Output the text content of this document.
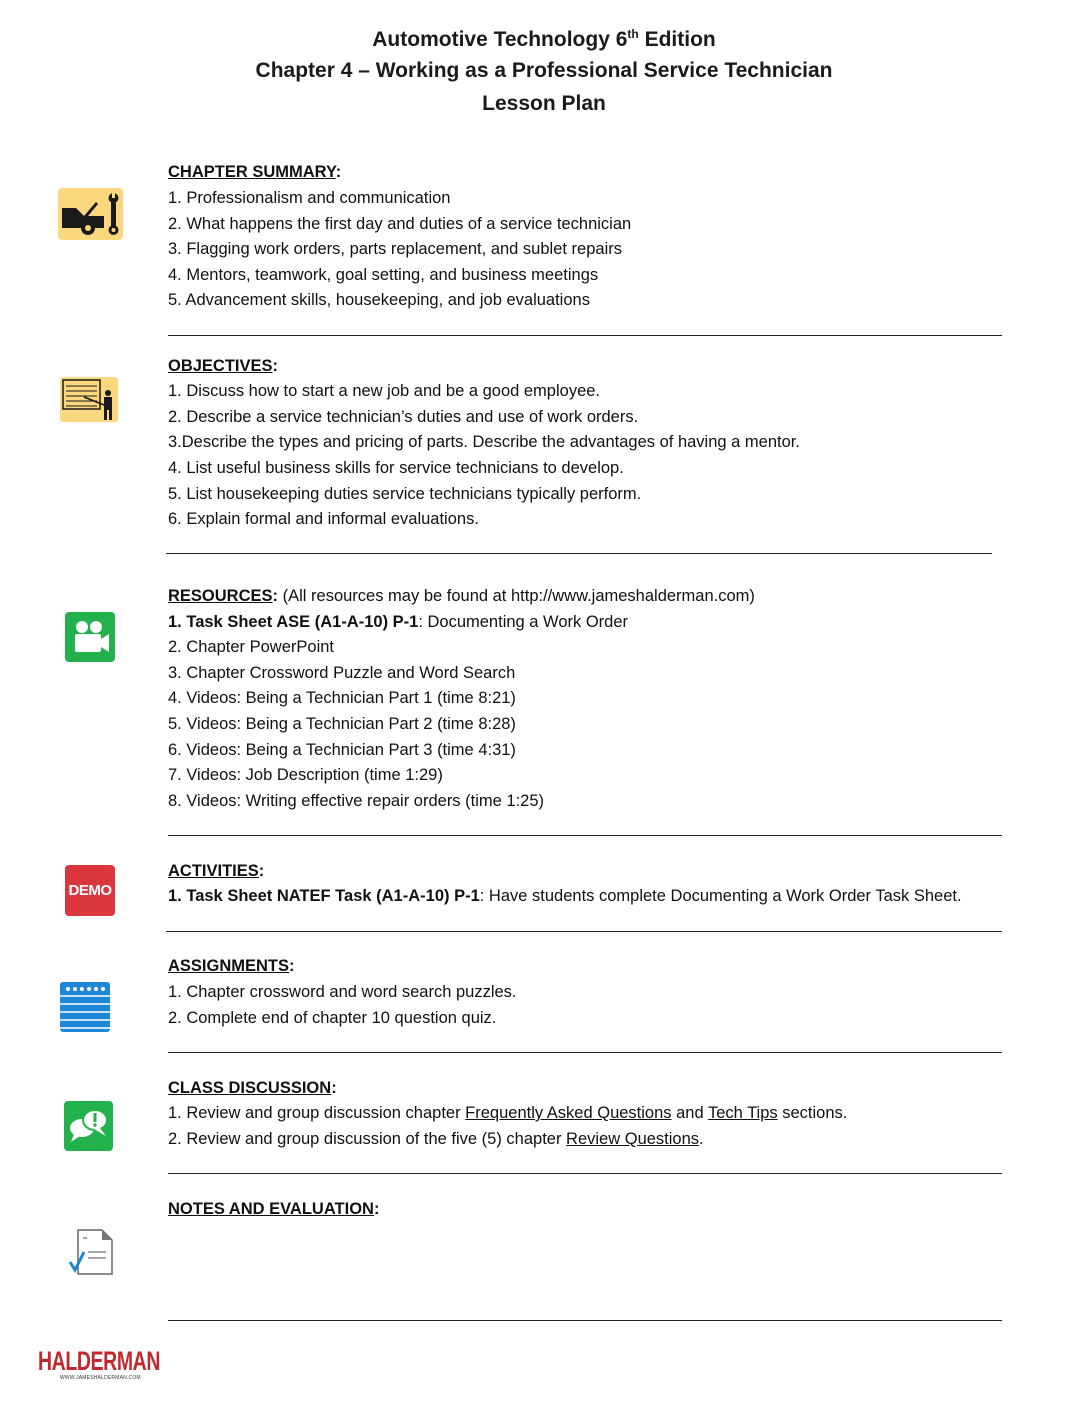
Automotive Technology 6th Edition
Chapter 4 – Working as a Professional Service Technician
Lesson Plan
DEMO
CHAPTER SUMMARY:
1. Professionalism and communication
2. What happens the first day and duties of a service technician
3. Flagging work orders, parts replacement, and sublet repairs
4. Mentors, teamwork, goal setting, and business meetings
5. Advancement skills, housekeeping, and job evaluations
OBJECTIVES:
1. Discuss how to start a new job and be a good employee.
2. Describe a service technician’s duties and use of work orders.
3.Describe the types and pricing of parts. Describe the advantages of having a mentor.
4. List useful business skills for service technicians to develop.
5. List housekeeping duties service technicians typically perform.
6. Explain formal and informal evaluations.
RESOURCES: (All resources may be found at http://www.jameshalderman.com)
1. Task Sheet ASE (A1-A-10) P-1: Documenting a Work Order
2. Chapter PowerPoint
3. Chapter Crossword Puzzle and Word Search
4. Videos: Being a Technician Part 1 (time 8:21)
5. Videos: Being a Technician Part 2 (time 8:28)
6. Videos: Being a Technician Part 3 (time 4:31)
7. Videos: Job Description (time 1:29)
8. Videos: Writing effective repair orders (time 1:25)
ACTIVITIES:
1. Task Sheet NATEF Task (A1-A-10) P-1: Have students complete Documenting a Work Order Task Sheet.
ASSIGNMENTS:
1. Chapter crossword and word search puzzles.
2. Complete end of chapter 10 question quiz.
CLASS DISCUSSION:
1. Review and group discussion chapter Frequently Asked Questions and Tech Tips sections.
2. Review and group discussion of the five (5) chapter Review Questions.
NOTES AND EVALUATION:
HALDERMAN
WWW.JAMESHALDERMAN.COM
